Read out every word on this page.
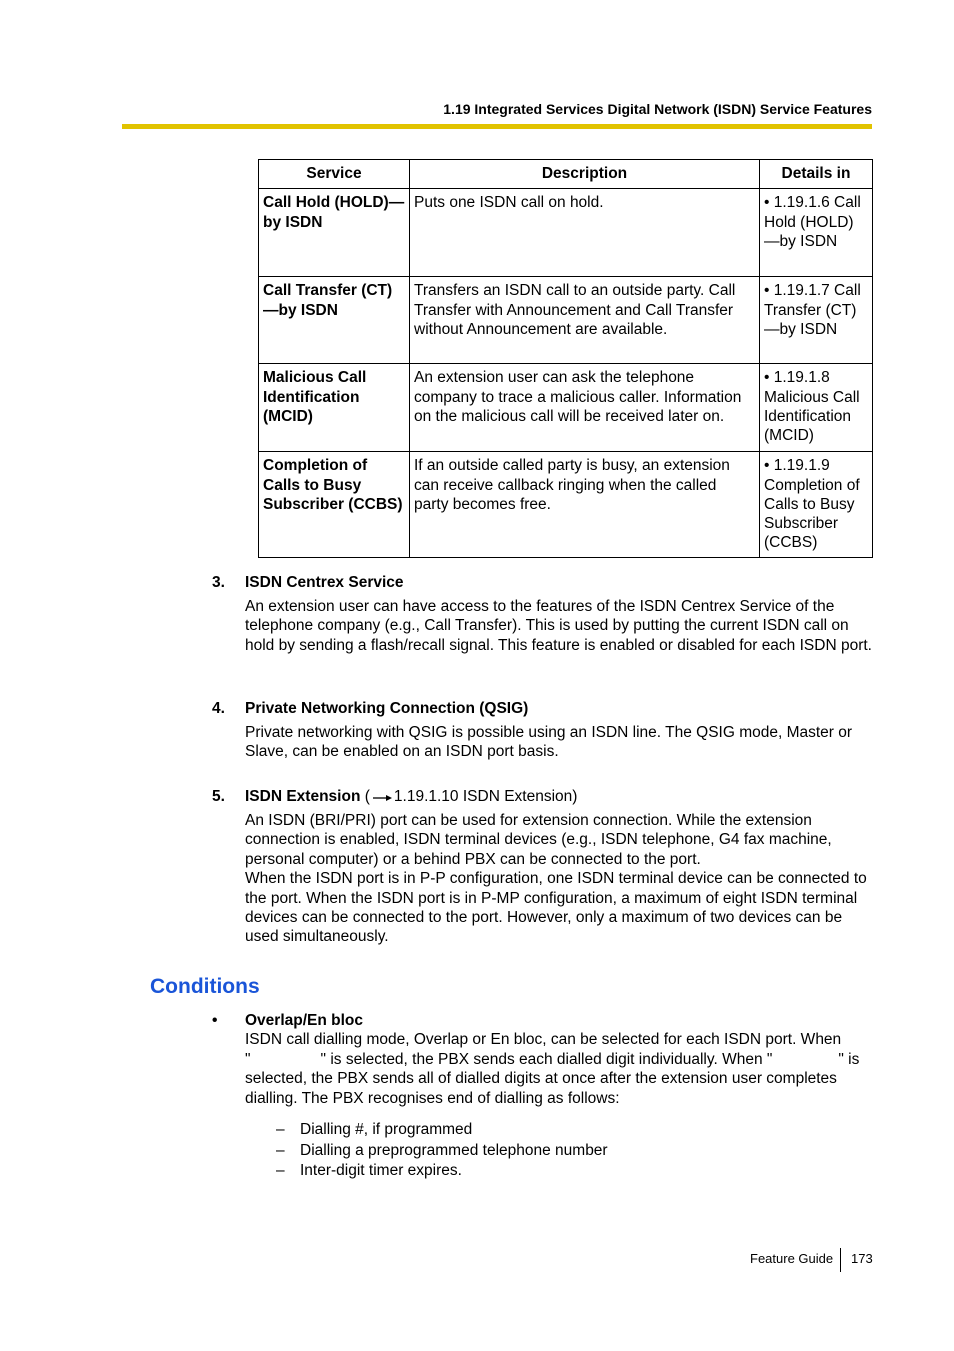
1.19 Integrated Services Digital Network (ISDN) Service Features
Service	Description	Details in
Call Hold (HOLD)—by ISDN	Puts one ISDN call on hold.	• 1.19.1.6 Call Hold (HOLD)—by ISDN
Call Transfer (CT)—by ISDN	Transfers an ISDN call to an outside party. Call Transfer with Announcement and Call Transfer without Announcement are available.	• 1.19.1.7 Call Transfer (CT)—by ISDN
Malicious Call Identification (MCID)	An extension user can ask the telephone company to trace a malicious caller. Information on the malicious call will be received later on.	• 1.19.1.8 Malicious Call Identification (MCID)
Completion of Calls to Busy Subscriber (CCBS)	If an outside called party is busy, an extension can receive callback ringing when the called party becomes free.	• 1.19.1.9 Completion of Calls to Busy Subscriber (CCBS)
3. ISDN Centrex Service
An extension user can have access to the features of the ISDN Centrex Service of the telephone company (e.g., Call Transfer). This is used by putting the current ISDN call on hold by sending a flash/recall signal. This feature is enabled or disabled for each ISDN port.
4. Private Networking Connection (QSIG)
Private networking with QSIG is possible using an ISDN line. The QSIG mode, Master or Slave, can be enabled on an ISDN port basis.
5. ISDN Extension ( 1.19.1.10 ISDN Extension)
An ISDN (BRI/PRI) port can be used for extension connection. While the extension connection is enabled, ISDN terminal devices (e.g., ISDN telephone, G4 fax machine, personal computer) or a behind PBX can be connected to the port.
When the ISDN port is in P-P configuration, one ISDN terminal device can be connected to the port. When the ISDN port is in P-MP configuration, a maximum of eight ISDN terminal devices can be connected to the port. However, only a maximum of two devices can be used simultaneously.
Conditions
• Overlap/En bloc
ISDN call dialling mode, Overlap or En bloc, can be selected for each ISDN port. When
"	" is selected, the PBX sends each dialled digit individually. When "	" is
selected, the PBX sends all of dialled digits at once after the extension user completes dialling. The PBX recognises end of dialling as follows:
– Dialling #, if programmed
– Dialling a preprogrammed telephone number
– Inter-digit timer expires.
Feature Guide 173
